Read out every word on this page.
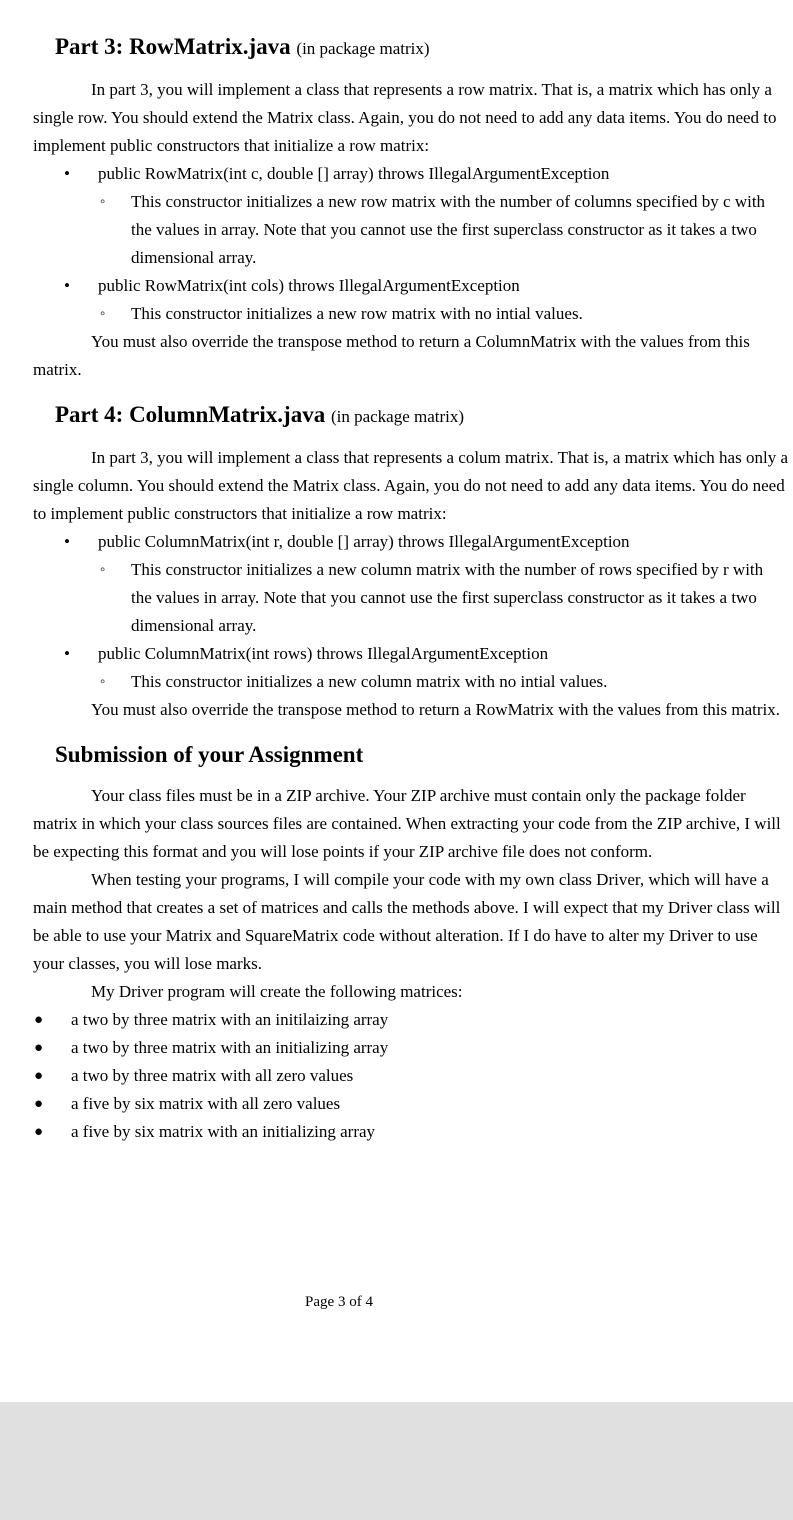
Part 3: RowMatrix.java (in package matrix)

In part 3, you will implement a class that represents a row matrix. That is, a matrix which has only a single row. You should extend the Matrix class. Again, you do not need to add any data items. You do need to implement public constructors that initialize a row matrix:

• public RowMatrix(int c, double [] array) throws IllegalArgumentException
◦ This constructor initializes a new row matrix with the number of columns specified by c with the values in array. Note that you cannot use the first superclass constructor as it takes a two dimensional array.
• public RowMatrix(int cols) throws IllegalArgumentException
◦ This constructor initializes a new row matrix with no intial values.

You must also override the transpose method to return a ColumnMatrix with the values from this matrix.

Part 4: ColumnMatrix.java (in package matrix)

In part 3, you will implement a class that represents a colum matrix. That is, a matrix which has only a single column. You should extend the Matrix class. Again, you do not need to add any data items. You do need to implement public constructors that initialize a row matrix:

• public ColumnMatrix(int r, double [] array) throws IllegalArgumentException
◦ This constructor initializes a new column matrix with the number of rows specified by r with the values in array. Note that you cannot use the first superclass constructor as it takes a two dimensional array.
• public ColumnMatrix(int rows) throws IllegalArgumentException
◦ This constructor initializes a new column matrix with no intial values.

You must also override the transpose method to return a RowMatrix with the values from this matrix.

Submission of your Assignment

Your class files must be in a ZIP archive. Your ZIP archive must contain only the package folder matrix in which your class sources files are contained. When extracting your code from the ZIP archive, I will be expecting this format and you will lose points if your ZIP archive file does not conform.

When testing your programs, I will compile your code with my own class Driver, which will have a main method that creates a set of matrices and calls the methods above. I will expect that my Driver class will be able to use your Matrix and SquareMatrix code without alteration. If I do have to alter my Driver to use your classes, you will lose marks.

My Driver program will create the following matrices:

● a two by three matrix with an initilaizing array
● a two by three matrix with an initializing array
● a two by three matrix with all zero values
● a five by six matrix with all zero values
● a five by six matrix with an initializing array
Page 3 of 4
